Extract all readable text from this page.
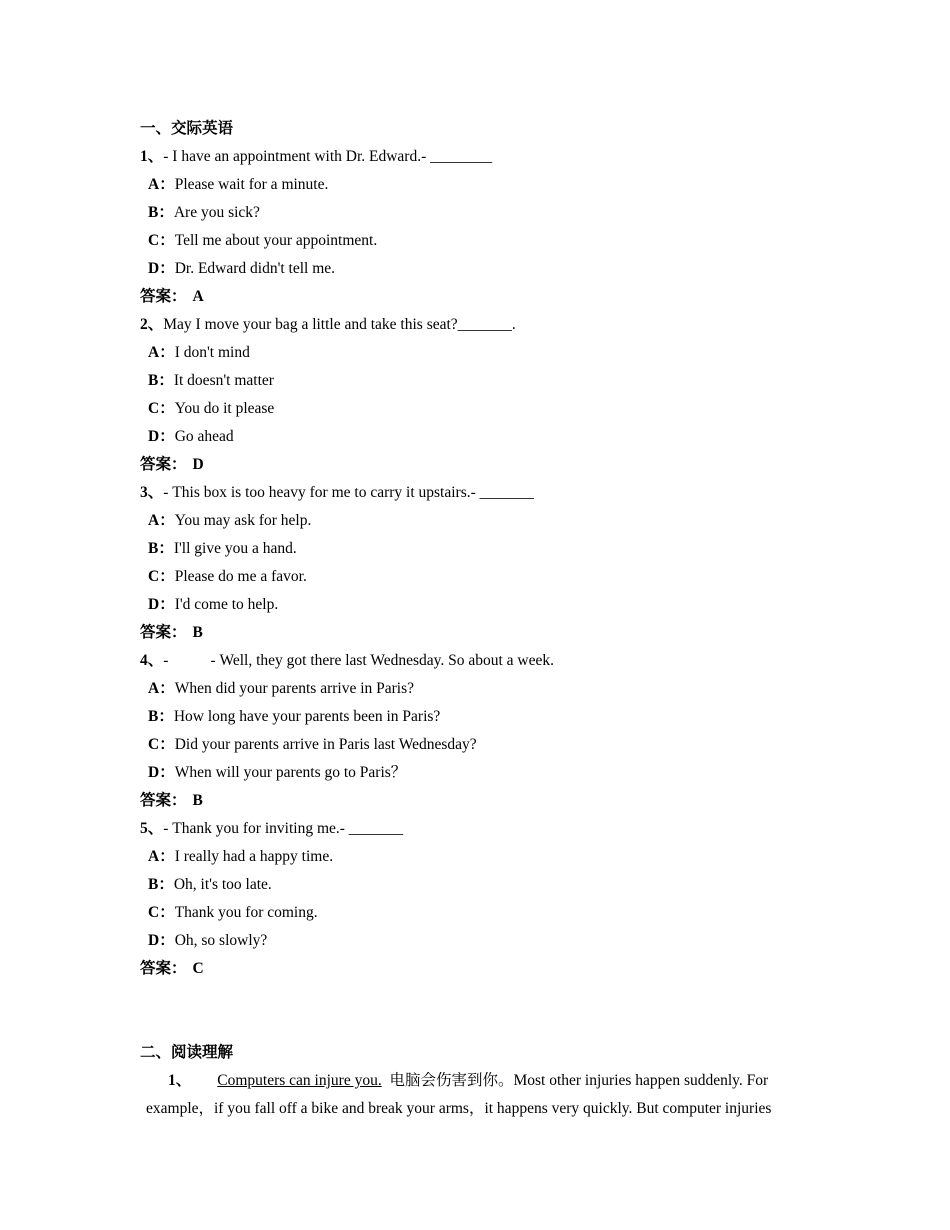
一、交际英语
1、- I have an appointment with Dr. Edward.- ________
A：Please wait for a minute.
B：Are you sick?
C：Tell me about your appointment.
D：Dr. Edward didn't tell me.
答案： A
2、May I move your bag a little and take this seat?_______.
A：I don't mind
B：It doesn't matter
C：You do it please
D：Go ahead
答案： D
3、- This box is too heavy for me to carry it upstairs.- _______
A：You may ask for help.
B：I'll give you a hand.
C：Please do me a favor.
D：I'd come to help.
答案： B
4、-	- Well, they got there last Wednesday. So about a week.
A：When did your parents arrive in Paris?
B：How long have your parents been in Paris?
C：Did your parents arrive in Paris last Wednesday?
D：When will your parents go to Paris？
答案： B
5、- Thank you for inviting me.- _______
A：I really had a happy time.
B：Oh, it's too late.
C：Thank you for coming.
D：Oh, so slowly?
答案： C
二、阅读理解
1、 Computers can injure you. 电脑会伤害到你。Most other injuries happen suddenly. For
example，if you fall off a bike and break your arms，it happens very quickly. But computer injuries
